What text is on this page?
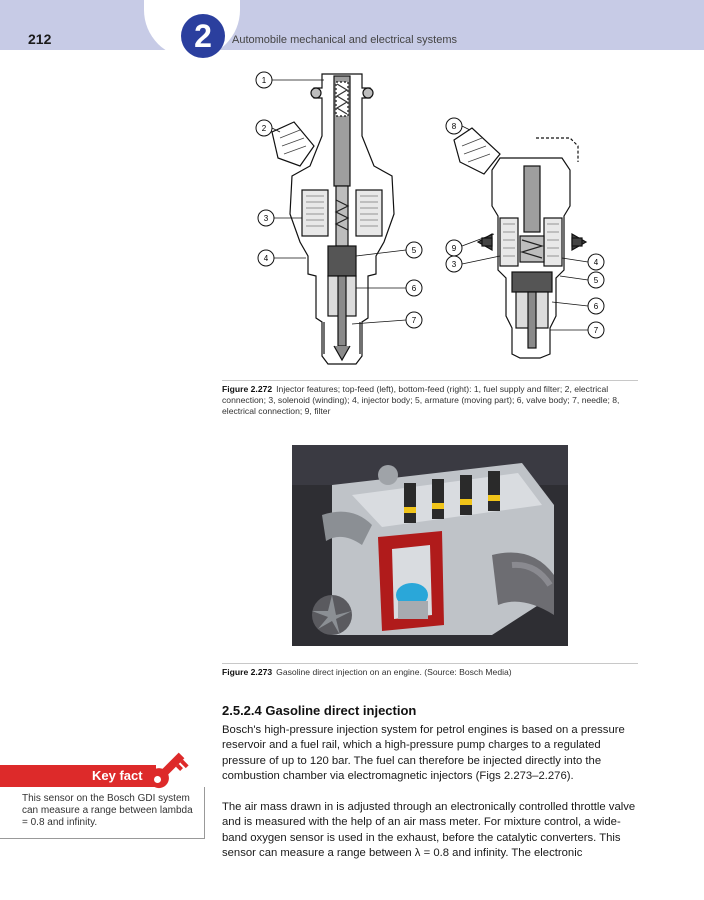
212	2	Automobile mechanical and electrical systems
1
2
3
4
5
6
7
8
9
3	4
5
6
7
Figure 2.272 Injector features; top-feed (left), bottom-feed (right): 1, fuel supply and filter; 2, electrical connection; 3, solenoid (winding); 4, injector body; 5, armature (moving part); 6, valve body; 7, needle; 8, electrical connection; 9, filter
Figure 2.273 Gasoline direct injection on an engine. (Source: Bosch Media)
2.5.2.4 Gasoline direct injection
Bosch's high-pressure injection system for petrol engines is based on a pressure reservoir and a fuel rail, which a high-pressure pump charges to a regulated pressure of up to 120 bar. The fuel can therefore be injected directly into the combustion chamber via electromagnetic injectors (Figs 2.273–2.276).
The air mass drawn in is adjusted through an electronically controlled throttle valve and is measured with the help of an air mass meter. For mixture control, a wide-band oxygen sensor is used in the exhaust, before the catalytic converters. This sensor can measure a range between λ = 0.8 and infinity. The electronic
Key fact
This sensor on the Bosch GDI system can measure a range between lambda = 0.8 and infinity.
